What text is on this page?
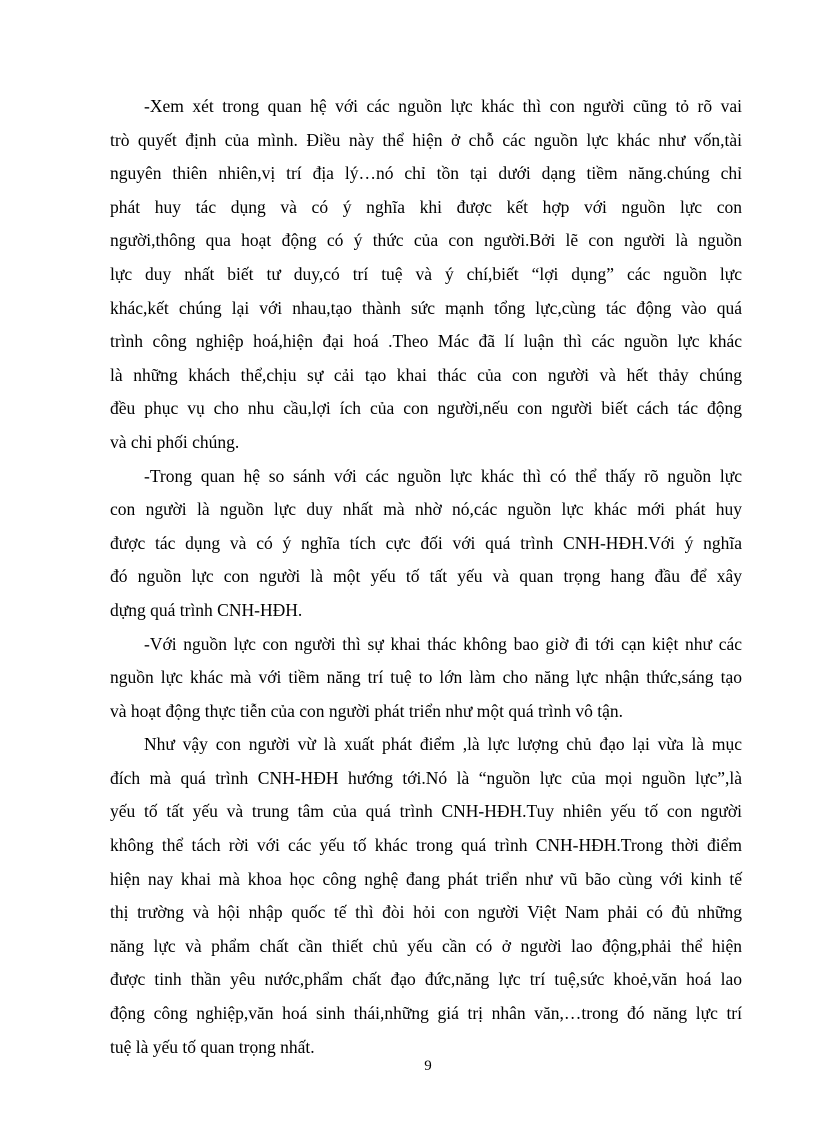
-Xem xét trong quan hệ với các nguồn lực khác thì con người cũng tỏ rõ vai
trò quyết định của mình. Điều này thể hiện ở chỗ các nguồn lực khác như vốn,tài
nguyên thiên nhiên,vị trí địa lý…nó chỉ tồn tại dưới dạng tiềm năng.chúng chỉ
phát huy tác dụng và có ý nghĩa khi được kết hợp với nguồn lực con
người,thông qua hoạt động có ý thức của con người.Bởi lẽ con người là nguồn
lực duy nhất biết tư duy,có trí tuệ và ý chí,biết “lợi dụng” các nguồn lực
khác,kết chúng lại với nhau,tạo thành sức mạnh tổng lực,cùng tác động vào quá
trình công nghiệp hoá,hiện đại hoá .Theo Mác đã lí luận thì các nguồn lực khác
là những khách thể,chịu sự cải tạo khai thác của con người và hết thảy chúng
đều phục vụ cho nhu cầu,lợi ích của con người,nếu con người biết cách tác động
và chi phối chúng.
-Trong quan hệ so sánh với các nguồn lực khác thì có thể thấy rõ nguồn lực
con người là nguồn lực duy nhất mà nhờ nó,các nguồn lực khác mới phát huy
được tác dụng và có ý nghĩa tích cực đối với quá trình CNH-HĐH.Với ý nghĩa
đó nguồn lực con người là một yếu tố tất yếu và quan trọng hang đầu để xây
dựng quá trình CNH-HĐH.
-Với nguồn lực con người thì sự khai thác không bao giờ đi tới cạn kiệt như các
nguồn lực khác mà với tiềm năng trí tuệ to lớn làm cho năng lực nhận thức,sáng tạo
và hoạt động thực tiễn của con người phát triển như một quá trình vô tận.
Như vậy con người vừ là xuất phát điểm ,là lực lượng chủ đạo lại vừa là mục
đích mà quá trình CNH-HĐH hướng tới.Nó là “nguồn lực của mọi nguồn lực”,là
yếu tố tất yếu và trung tâm của quá trình CNH-HĐH.Tuy nhiên yếu tố con người
không thể tách rời với các yếu tố khác trong quá trình CNH-HĐH.Trong thời điểm
hiện nay khai mà khoa học công nghệ đang phát triển như vũ bão cùng với kinh tế
thị trường và hội nhập quốc tế thì đòi hỏi con người Việt Nam phải có đủ những
năng lực và phẩm chất cần thiết chủ yếu cần có ở người lao động,phải thể hiện
được tinh thần yêu nước,phẩm chất đạo đức,năng lực trí tuệ,sức khoẻ,văn hoá lao
động công nghiệp,văn hoá sinh thái,những giá trị nhân văn,…trong đó năng lực trí
tuệ là yếu tố quan trọng nhất.
9
